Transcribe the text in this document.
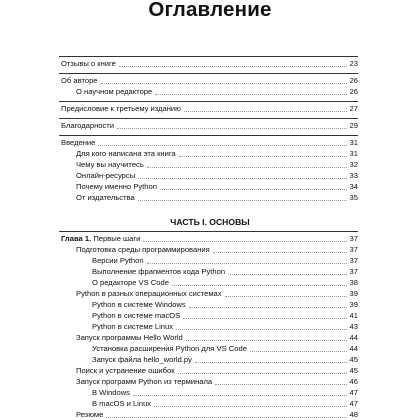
Оглавление
ЧАСТЬ I. ОСНОВЫ
Отзывы о книге	23
Об авторе	26
О научном редакторе	26
Предисловие к третьему изданию	27
Благодарности	29
Введение	31
Для кого написана эта книга	31
Чему вы научитесь	32
Онлайн-ресурсы	33
Почему именно Python	34
От издательства	35
Глава 1. Первые шаги	37
Подготовка среды программирования	37
Версии Python	37
Выполнение фрагментов кода Python	37
О редакторе VS Code	38
Python в разных операционных системах	39
Python в системе Windows	39
Python в системе macOS	41
Python в системе Linux	43
Запуск программы Hello World	44
Установка расширения Python для VS Code	44
Запуск файла hello_world.py	45
Поиск и устранение ошибок	45
Запуск программ Python из терминала	46
В Windows	47
В macOS и Linux	47
Резюме	48
